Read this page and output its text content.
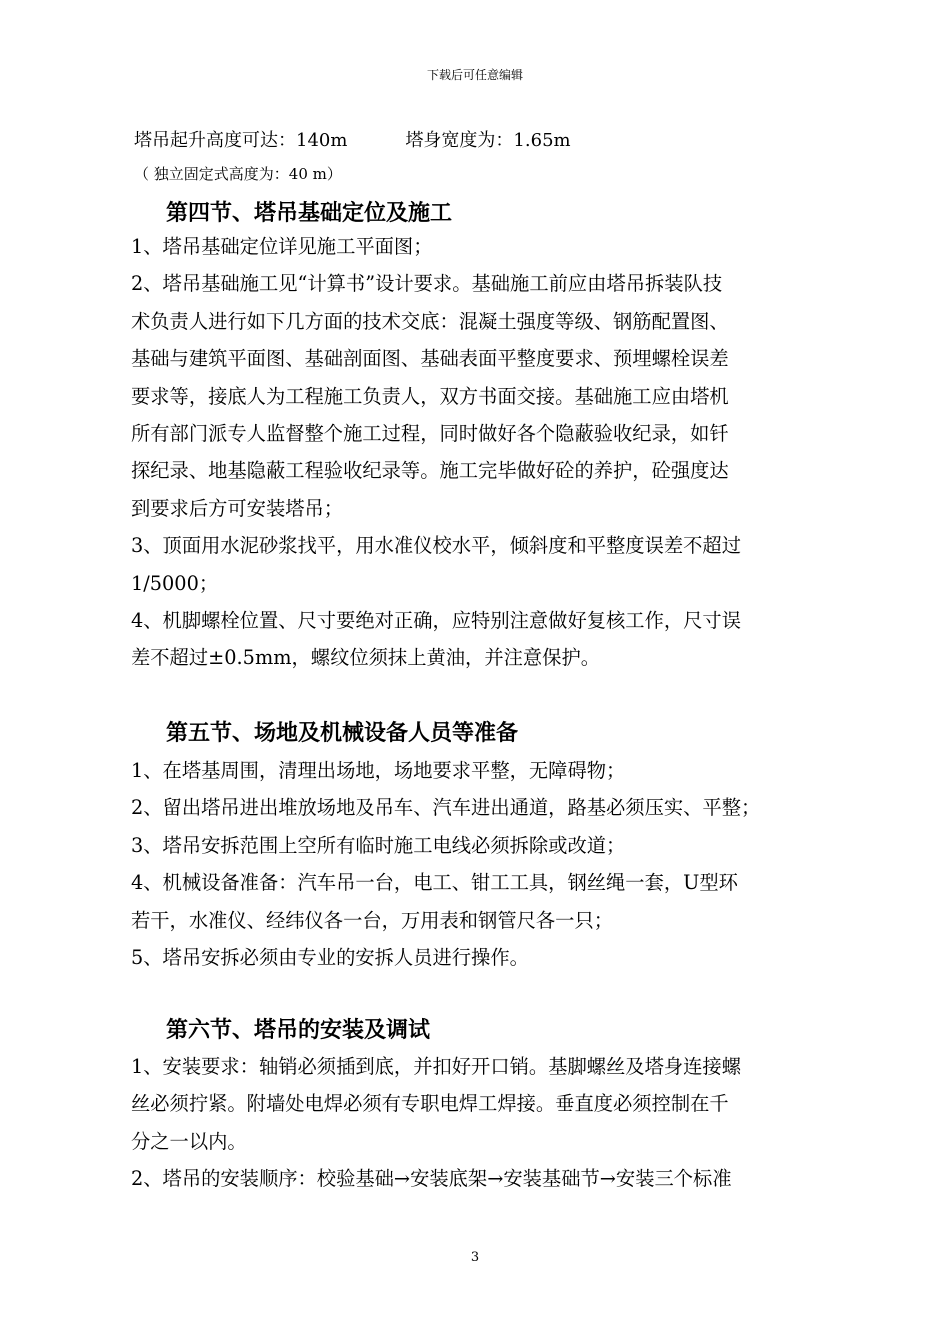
下载后可任意编辑
塔吊起升高度可达：140m	塔身宽度为：1.65m
（ 独立固定式高度为：40 m）
第四节、塔吊基础定位及施工
1、塔吊基础定位详见施工平面图；
2、塔吊基础施工见“计算书”设计要求。基础施工前应由塔吊拆装队技
术负责人进行如下几方面的技术交底：混凝土强度等级、钢筋配置图、
基础与建筑平面图、基础剖面图、基础表面平整度要求、预埋螺栓误差
要求等，接底人为工程施工负责人，双方书面交接。基础施工应由塔机
所有部门派专人监督整个施工过程，同时做好各个隐蔽验收纪录，如钎
探纪录、地基隐蔽工程验收纪录等。施工完毕做好砼的养护，砼强度达
到要求后方可安装塔吊；
3、顶面用水泥砂浆找平，用水准仪校水平，倾斜度和平整度误差不超过
1/5000；
4、机脚螺栓位置、尺寸要绝对正确，应特别注意做好复核工作，尺寸误
差不超过±0.5mm，螺纹位须抹上黄油，并注意保护。
第五节、场地及机械设备人员等准备
1、在塔基周围，清理出场地，场地要求平整，无障碍物；
2、留出塔吊进出堆放场地及吊车、汽车进出通道，路基必须压实、平整；
3、塔吊安拆范围上空所有临时施工电线必须拆除或改道；
4、机械设备准备：汽车吊一台，电工、钳工工具，钢丝绳一套，U型环
若干，水准仪、经纬仪各一台，万用表和钢管尺各一只；
5、塔吊安拆必须由专业的安拆人员进行操作。
第六节、塔吊的安装及调试
1、安装要求：轴销必须插到底，并扣好开口销。基脚螺丝及塔身连接螺
丝必须拧紧。附墙处电焊必须有专职电焊工焊接。垂直度必须控制在千
分之一以内。
2、塔吊的安装顺序：校验基础→安装底架→安装基础节→安装三个标准
3
